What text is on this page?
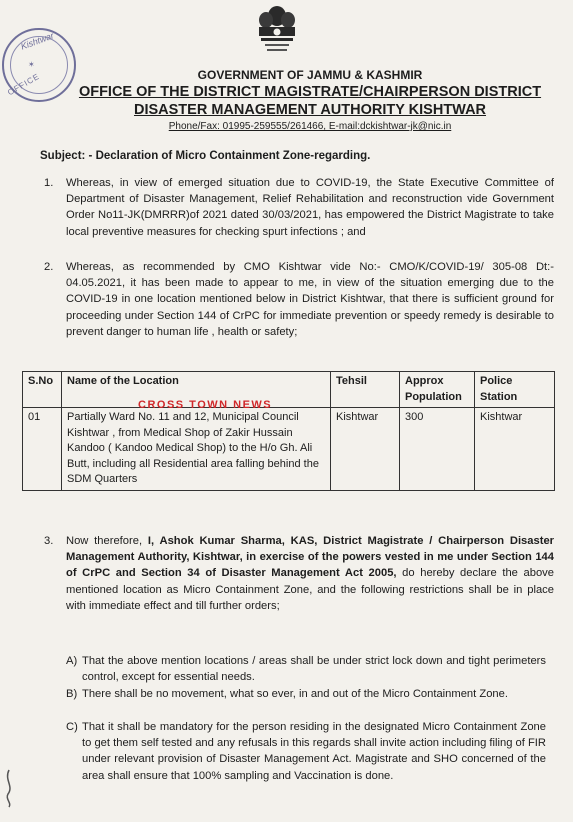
Kishtwar
✶
OFFICE	GOVERNMENT OF JAMMU & KASHMIR
OFFICE OF THE DISTRICT MAGISTRATE/CHAIRPERSON DISTRICT
DISASTER MANAGEMENT AUTHORITY KISHTWAR
Phone/Fax: 01995-259555/261466, E-mail:dckishtwar-jk@nic.in
Subject: - Declaration of Micro Containment Zone-regarding.
1. Whereas, in view of emerged situation due to COVID-19, the State Executive Committee of Department of Disaster Management, Relief Rehabilitation and reconstruction vide Government Order No11-JK(DMRRR)of 2021 dated 30/03/2021, has empowered the District Magistrate to take local preventive measures for checking spurt infections ; and
2. Whereas, as recommended by CMO Kishtwar vide No:- CMO/K/COVID-19/ 305-08 Dt:- 04.05.2021, it has been made to appear to me, in view of the situation emerging due to the COVID-19 in one location mentioned below in District Kishtwar, that there is sufficient ground for proceeding under Section 144 of CrPC for immediate prevention or speedy remedy is desirable to prevent danger to human life , health or safety;
S.No	Name of the Location	Tehsil	Approx Population	Police Station
01	Partially Ward No. 11 and 12, Municipal Council Kishtwar , from Medical Shop of Zakir Hussain Kandoo ( Kandoo Medical Shop) to the H/o Gh. Ali Butt, including all Residential area falling behind the SDM Quarters	Kishtwar	300	Kishtwar
CROSS TOWN NEWS
3. Now therefore, I, Ashok Kumar Sharma, KAS, District Magistrate / Chairperson Disaster Management Authority, Kishtwar, in exercise of the powers vested in me under Section 144 of CrPC and Section 34 of Disaster Management Act 2005, do hereby declare the above mentioned location as Micro Containment Zone, and the following restrictions shall be in place with immediate effect and till further orders;
A) That the above mention locations / areas shall be under strict lock down and tight perimeters control, except for essential needs.
B) There shall be no movement, what so ever, in and out of the Micro Containment Zone.
C) That it shall be mandatory for the person residing in the designated Micro Containment Zone to get them self tested and any refusals in this regards shall invite action including filing of FIR under relevant provision of Disaster Management Act. Magistrate and SHO concerned of the area shall ensure that 100% sampling and Vaccination is done.
